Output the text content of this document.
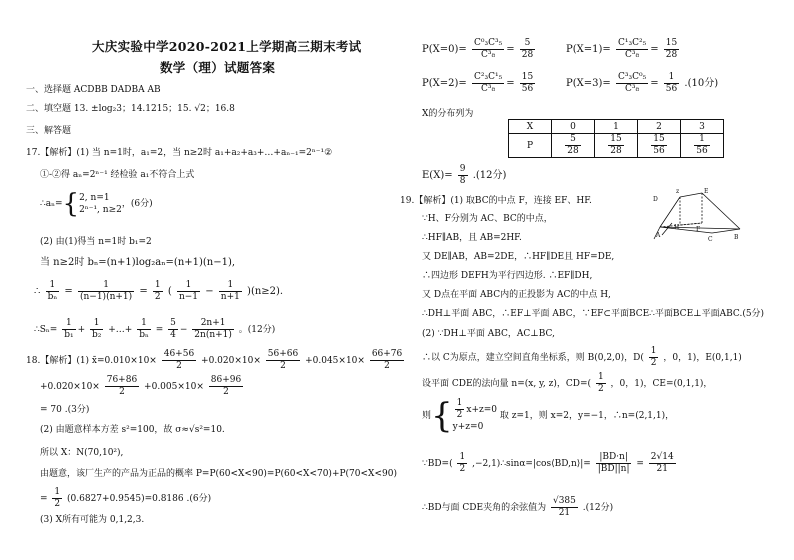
大庆实验中学2020-2021上学期高三期末考试
数学（理）试题答案
一、选择题 ACDBB DADBA AB
二、填空题 13. ±log₂3；14.1215；15. √2；16.8
三、解答题
17.【解析】(1) 当 n=1时，a₁=2，当 n≥2时 a₁+a₂+a₃+…+aₙ₋₁=2ⁿ⁻¹②
①-②得 aₙ=2ⁿ⁻¹ 经检验 a₁不符合上式
∴aₙ={ 2, n=1
2ⁿ⁻¹, n≥2
，(6分)
(2) 由(1)得当 n=1时 b₁=2
当 n≥2时 bₙ=(n+1)log₂aₙ=(n+1)(n−1),
∴ $\frac{1}{\text{bₙ}} = \frac{1}{(n-1)(n+1)} = \frac{1}{2}$ ( $\frac{1}{n-1} - \frac{1}{n+1} )(n\ge 2)$.
∴Sₙ= $\frac{1}{\text{b₁}} + \frac{1}{\text{b₂}}$ +…+ $\frac{1}{\text{bₙ}} = \frac{5}{4} - \frac{2n+1}{2n(n+1)}$ 。(12分)
18.【解析】(1) x̄=0.010×10× $\frac{46+56}{2} +0.020\times 10\times \frac{56+66}{2} +0.045\times 10\times \frac{66+76}{2}$
$+0.020\times 10\times \frac{76+86}{2} +0.005\times 10\times \frac{86+96}{2}$
= 70 .(3分)
(2) 由题意样本方差 s²=100，故 σ≈√s²=10.
所以 X：N(70,10²),
由题意，该厂生产的产品为正品的概率 P=P(60<X<90)=P(60<X<70)+P(70<X<90)
= $\frac{1}{2} (0.6827+0.9545)=0.8186$ .(6分)
(3) X所有可能为 0,1,2,3.
$P(X=0)= \frac{\text{C⁰₃C³₅}}{\text{C³₈}} = \frac{5}{28}$	$P(X=1)= \frac{\text{C¹₃C²₅}}{\text{C³₈}} = \frac{15}{28}$
$P(X=2)= \frac{\text{C²₃C¹₅}}{\text{C³₈}} = \frac{15}{56}$	$P(X=3)= \frac{\text{C³₃C⁰₅}}{\text{C³₈}} = \frac{1}{56} .(10$分)
X的分布列为
X	0	1	2	3
P	$\frac{5}{28}$	$\frac{15}{28}$	$\frac{15}{56}$	$\frac{1}{56}$
$E(X)= \frac{9}{8} .(12$分)
19.【解析】(1) 取BC的中点 F，连接 EF、HF.
∵H、F分别为 AC、BC的中点，
∴HF∥AB，且 AB=2HF.
又 DE∥AB，AB=2DE，∴HF∥DE且 HF=DE,
∴四边形 DEFH为平行四边形. ∴EF∥DH,
又 D点在平面 ABC内的正投影为 AC的中点 H,
∴DH⊥平面 ABC，∴EF⊥平面 ABC，∵EF⊂平面BCE∴平面BCE⊥平面ABC.(5分)
(2) ∵DH⊥平面 ABC，AC⊥BC,
∴以 C为原点，建立空间直角坐标系，则 B(0,2,0)，$D( \frac{1}{2}$ ，0，1)，E(0,1,1)
设平面 CDE的法向量 n=(x, y, z)，$CD=( \frac{1}{2}$ ，0，1)，CE=(0,1,1)，
则{ $\frac{1}{2} x+z=0$
y+z=0
取 z=1，则 x=2，y=−1，∴n=(2,1,1)，
∵BD=( $\frac{1}{2}$ ,−2,1)∴sinα=|cos⟨BD,n⟩|= $\frac{|BD\cdot n|}{|BD||n|} = \frac{2√14}{21}$
∴BD与面 CDE夹角的余弦值为 $\frac{√385}{21} .(12$分)
D
E
H	F
A
C	B
z
